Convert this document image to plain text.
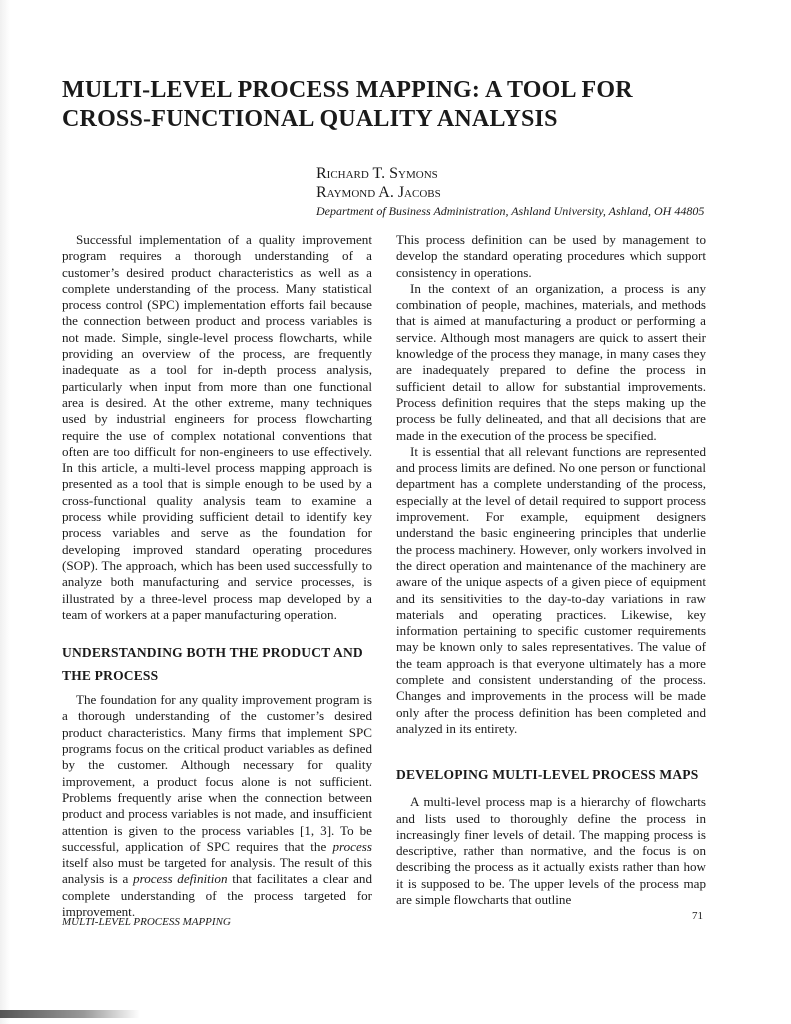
MULTI-LEVEL PROCESS MAPPING: A TOOL FOR CROSS-FUNCTIONAL QUALITY ANALYSIS
Richard T. Symons
Raymond A. Jacobs
Department of Business Administration, Ashland University, Ashland, OH 44805

Successful implementation of a quality improvement program requires a thorough understanding of a customer’s desired product characteristics as well as a complete understanding of the process. Many statistical process control (SPC) implementation efforts fail because the connection between product and process variables is not made. Simple, single-level process flowcharts, while providing an overview of the process, are frequently inadequate as a tool for in-depth process analysis, particularly when input from more than one functional area is desired. At the other extreme, many techniques used by industrial engineers for process flowcharting require the use of complex notational conventions that often are too difficult for non-engineers to use effectively. In this article, a multi-level process mapping approach is presented as a tool that is simple enough to be used by a cross-functional quality analysis team to examine a process while providing sufficient detail to identify key process variables and serve as the foundation for developing improved standard operating procedures (SOP). The approach, which has been used successfully to analyze both manufacturing and service processes, is illustrated by a three-level process map developed by a team of workers at a paper manufacturing operation.

UNDERSTANDING BOTH THE PRODUCT AND THE PROCESS

The foundation for any quality improvement program is a thorough understanding of the customer’s desired product characteristics. Many firms that implement SPC programs focus on the critical product variables as defined by the customer. Although necessary for quality improvement, a product focus alone is not sufficient. Problems frequently arise when the connection between product and process variables is not made, and insufficient attention is given to the process variables [1, 3]. To be successful, application of SPC requires that the process itself also must be targeted for analysis. The result of this analysis is a process definition that facilitates a clear and complete understanding of the process targeted for improvement.

This process definition can be used by management to develop the standard operating procedures which support consistency in operations.

In the context of an organization, a process is any combination of people, machines, materials, and methods that is aimed at manufacturing a product or performing a service. Although most managers are quick to assert their knowledge of the process they manage, in many cases they are inadequately prepared to define the process in sufficient detail to allow for substantial improvements. Process definition requires that the steps making up the process be fully delineated, and that all decisions that are made in the execution of the process be specified.

It is essential that all relevant functions are represented and process limits are defined. No one person or functional department has a complete understanding of the process, especially at the level of detail required to support process improvement. For example, equipment designers understand the basic engineering principles that underlie the process machinery. However, only workers involved in the direct operation and maintenance of the machinery are aware of the unique aspects of a given piece of equipment and its sensitivities to the day-to-day variations in raw materials and operating practices. Likewise, key information pertaining to specific customer requirements may be known only to sales representatives. The value of the team approach is that everyone ultimately has a more complete and consistent understanding of the process. Changes and improvements in the process will be made only after the process definition has been completed and analyzed in its entirety.

DEVELOPING MULTI-LEVEL PROCESS MAPS

A multi-level process map is a hierarchy of flowcharts and lists used to thoroughly define the process in increasingly finer levels of detail. The mapping process is descriptive, rather than normative, and the focus is on describing the process as it actually exists rather than how it is supposed to be. The upper levels of the process map are simple flowcharts that outline

MULTI-LEVEL PROCESS MAPPING	71
